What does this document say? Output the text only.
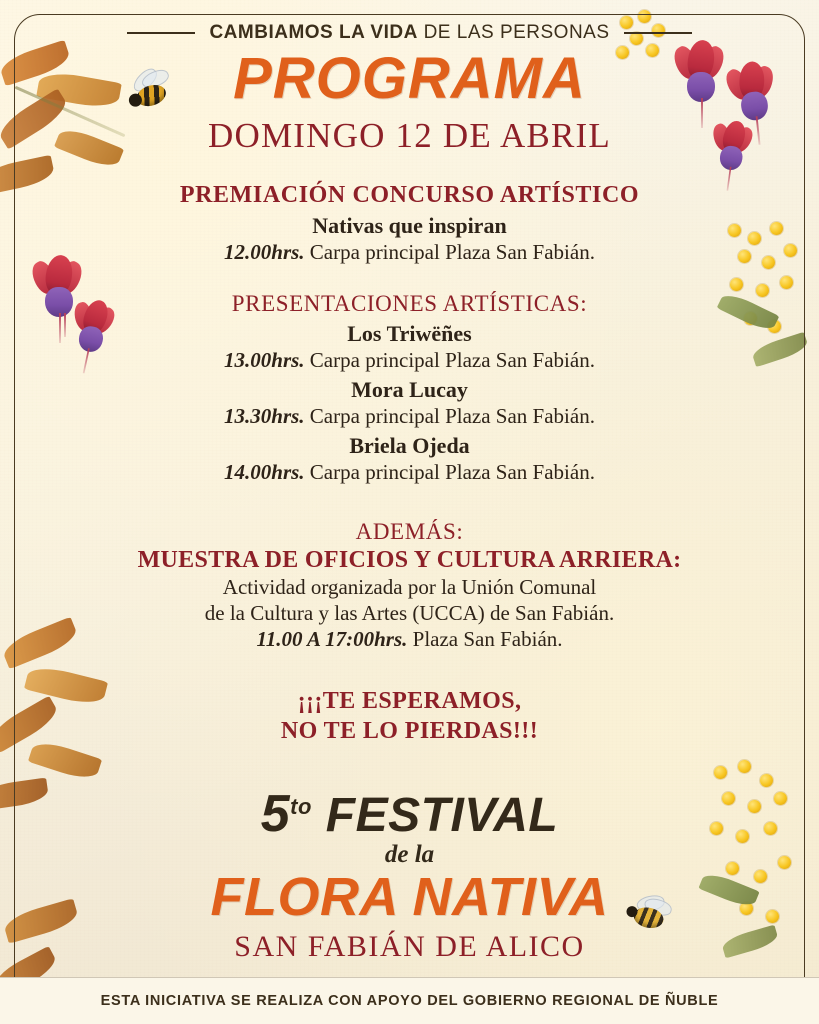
CAMBIAMOS LA VIDA DE LAS PERSONAS
PROGRAMA
DOMINGO 12 DE ABRIL
PREMIACIÓN CONCURSO ARTÍSTICO
Nativas que inspiran
12.00hrs. Carpa principal Plaza San Fabián.
PRESENTACIONES ARTÍSTICAS:
Los Triwëñes
13.00hrs. Carpa principal Plaza San Fabián.
Mora Lucay
13.30hrs. Carpa principal Plaza San Fabián.
Briela Ojeda
14.00hrs. Carpa principal Plaza San Fabián.
ADEMÁS:
MUESTRA DE OFICIOS Y CULTURA ARRIERA:
Actividad organizada por la Unión Comunal
de la Cultura y las Artes (UCCA) de San Fabián.
11.00 A 17:00hrs. Plaza San Fabián.
¡¡¡TE ESPERAMOS,
NO TE LO PIERDAS!!!
$5^{to}$ FESTIVAL
de la
FLORA NATIVA
SAN FABIÁN DE ALICO
ESTA INICIATIVA SE REALIZA CON APOYO DEL GOBIERNO REGIONAL DE ÑUBLE
